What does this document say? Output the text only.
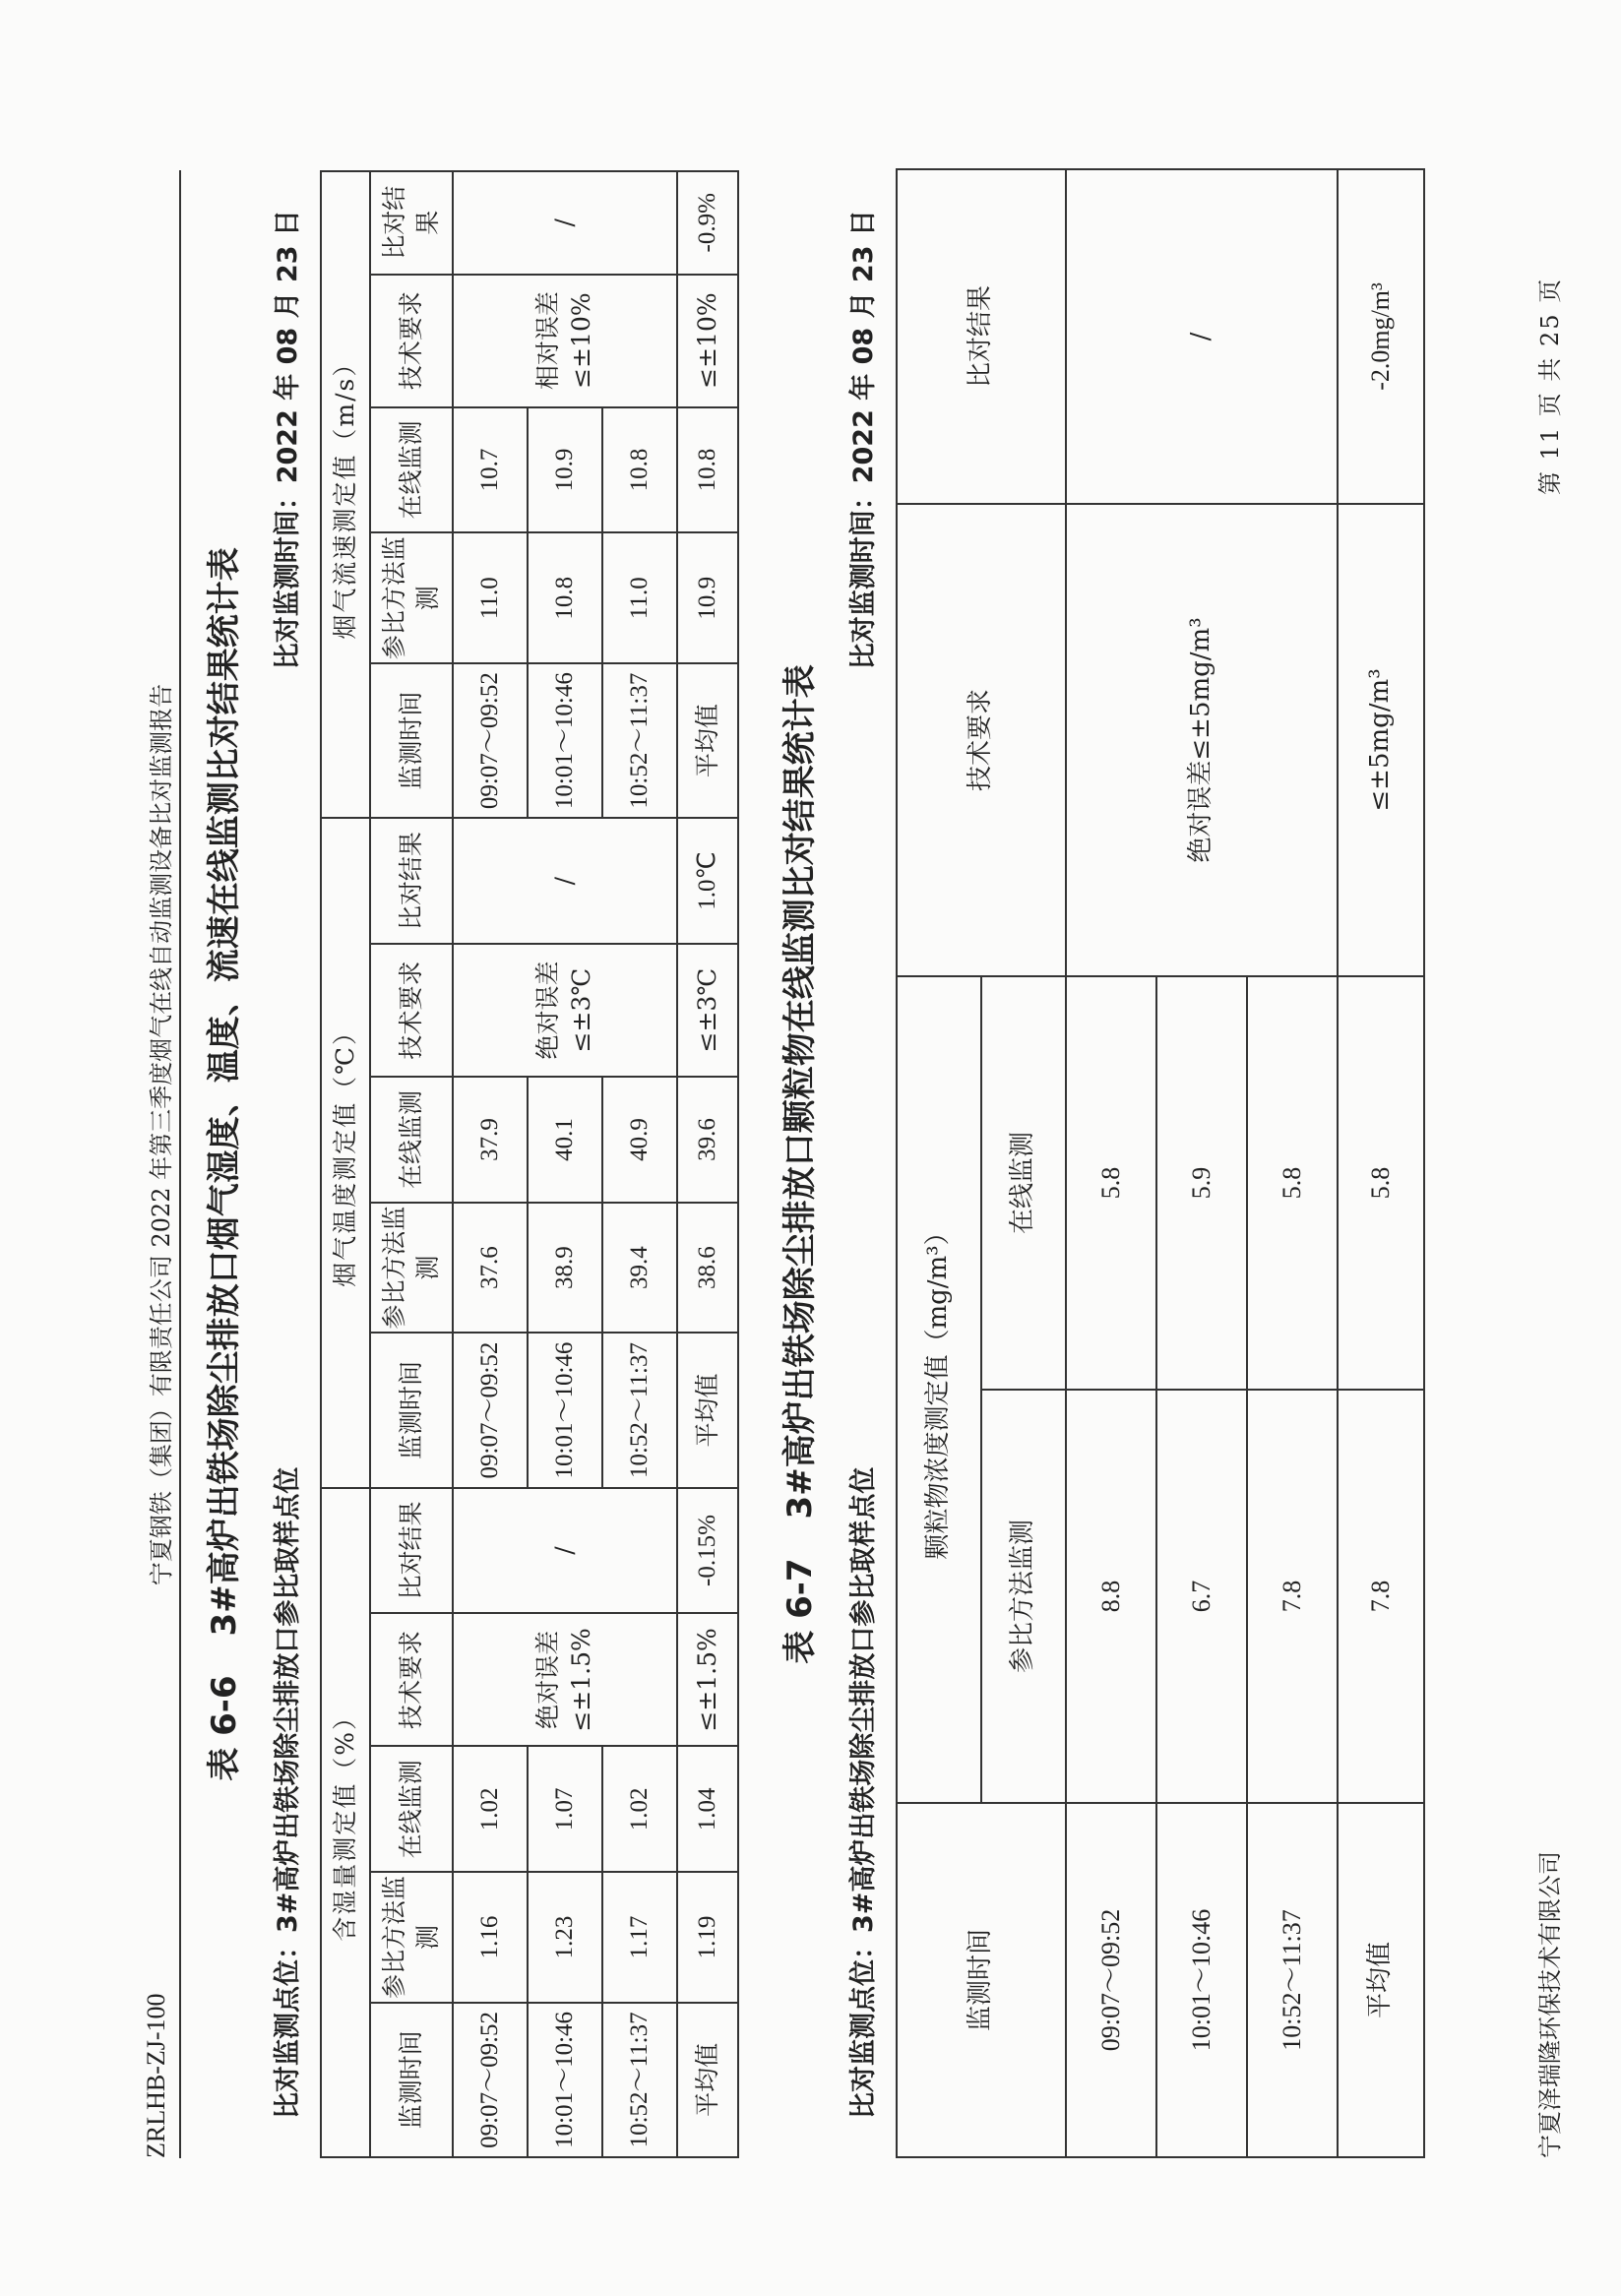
ZRLHB-ZJ-100
宁夏钢铁（集团）有限责任公司 2022 年第三季度烟气在线自动监测设备比对监测报告
表 6-63#高炉出铁场除尘排放口烟气湿度、温度、流速在线监测比对结果统计表
比对监测点位：3#高炉出铁场除尘排放口参比取样点位
比对监测时间：2022 年 08 月 23 日
含湿量测定值（%）					烟气温度测定值（℃）					烟气流速测定值（m/s）				
监测时间	参比方法监测	在线监测	技术要求	比对结果	监测时间	参比方法监测	在线监测	技术要求	比对结果	监测时间	参比方法监测	在线监测	技术要求	比对结果
09:07～09:52	1.16	1.02	绝对误差≤±1.5%	/	09:07～09:52	37.6	37.9	绝对误差≤±3℃	/	09:07～09:52	11.0	10.7	相对误差≤±10%	/
10:01～10:46	1.23	1.07			10:01～10:46	38.9	40.1			10:01～10:46	10.8	10.9		
10:52～11:37	1.17	1.02			10:52～11:37	39.4	40.9			10:52～11:37	11.0	10.8		
平均值	1.19	1.04	≤±1.5%	-0.15%	平均值	38.6	39.6	≤±3℃	1.0℃	平均值	10.9	10.8	≤±10%	-0.9%
表 6-73#高炉出铁场除尘排放口颗粒物在线监测比对结果统计表
比对监测点位：3#高炉出铁场除尘排放口参比取样点位
比对监测时间：2022 年 08 月 23 日
监测时间	颗粒物浓度测定值（mg/m³）		技术要求	比对结果
	参比方法监测	在线监测		
09:07～09:52	8.8	5.8	绝对误差≤±5mg/m³	/
10:01～10:46	6.7	5.9		
10:52～11:37	7.8	5.8		
平均值	7.8	5.8	≤±5mg/m³	-2.0mg/m³
宁夏泽瑞隆环保技术有限公司
第 11 页 共 25 页
